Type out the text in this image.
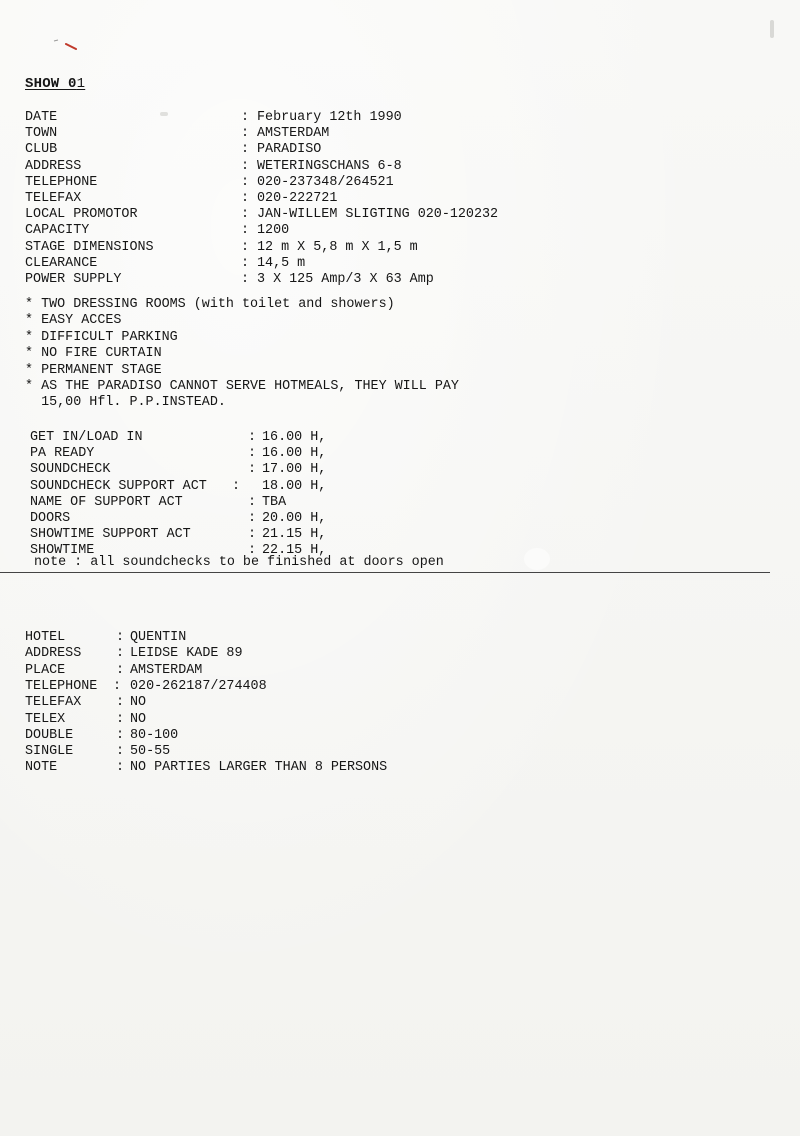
SHOW 01
DATE	: February 12th 1990
TOWN	: AMSTERDAM
CLUB	: PARADISO
ADDRESS	: WETERINGSCHANS 6-8
TELEPHONE	: 020-237348/264521
TELEFAX	: 020-222721
LOCAL PROMOTOR	: JAN-WILLEM SLIGTING 020-120232
CAPACITY	: 1200
STAGE DIMENSIONS	: 12 m X 5,8 m X 1,5 m
CLEARANCE	: 14,5 m
POWER SUPPLY	: 3 X 125 Amp/3 X 63 Amp
* TWO DRESSING ROOMS (with toilet and showers)
* EASY ACCES
* DIFFICULT PARKING
* NO FIRE CURTAIN
* PERMANENT STAGE
* AS THE PARADISO CANNOT SERVE HOTMEALS, THEY WILL PAY
15,00 Hfl. P.P.INSTEAD.
GET IN/LOAD IN	:
16.00 H,
PA READY	:
16.00 H,
SOUNDCHECK	:
17.00 H,
SOUNDCHECK SUPPORT ACT : 18.00 H,
NAME OF SUPPORT ACT	:
TBA
DOORS	:
20.00 H,
SHOWTIME SUPPORT ACT	:
21.15 H,
SHOWTIME	:
22.15 H,
note : all soundchecks to be finished at doors open
HOTEL	:
QUENTIN
ADDRESS :
LEIDSE KADE 89
PLACE	:
AMSTERDAM
TELEPHONE : 020-262187/274408
TELEFAX :
NO
TELEX	:
NO
DOUBLE	:
80-100
SINGLE	:
50-55
NOTE	:
NO PARTIES LARGER THAN 8 PERSONS
